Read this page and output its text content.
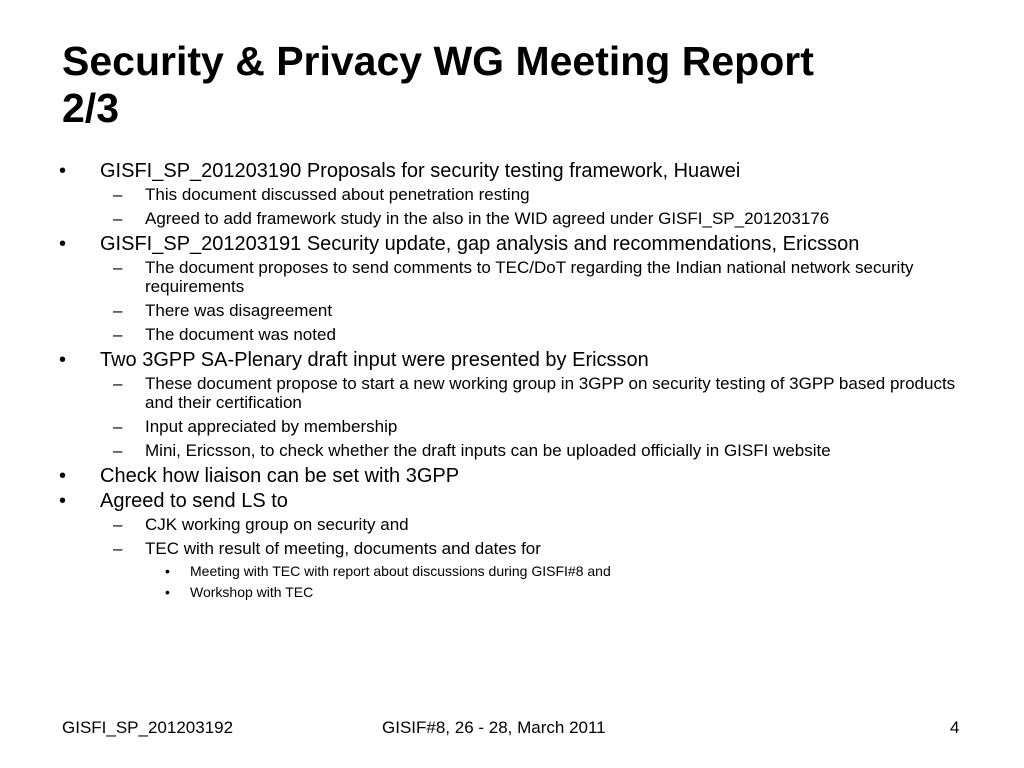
Security & Privacy WG Meeting Report
2/3
• GISFI_SP_201203190 Proposals for security testing framework, Huawei
– This document discussed about penetration resting
– Agreed to add framework study in the also in the WID agreed under GISFI_SP_201203176
• GISFI_SP_201203191 Security update, gap analysis and recommendations, Ericsson
– The document proposes to send comments to TEC/DoT regarding the Indian national network security requirements
– There was disagreement
– The document was noted
• Two 3GPP SA-Plenary draft input were presented by Ericsson
– These document propose to start a new working group in 3GPP on security testing of 3GPP based products and their certification
– Input appreciated by membership
– Mini, Ericsson, to check whether the draft inputs can be uploaded officially in GISFI website
• Check how liaison can be set with 3GPP
• Agreed to send LS to
– CJK working group on security and
– TEC with result of meeting, documents and dates for
• Meeting with TEC with report about discussions during GISFI#8 and
• Workshop with TEC
GISFI_SP_201203192	GISIF#8, 26 - 28, March 2011	4
